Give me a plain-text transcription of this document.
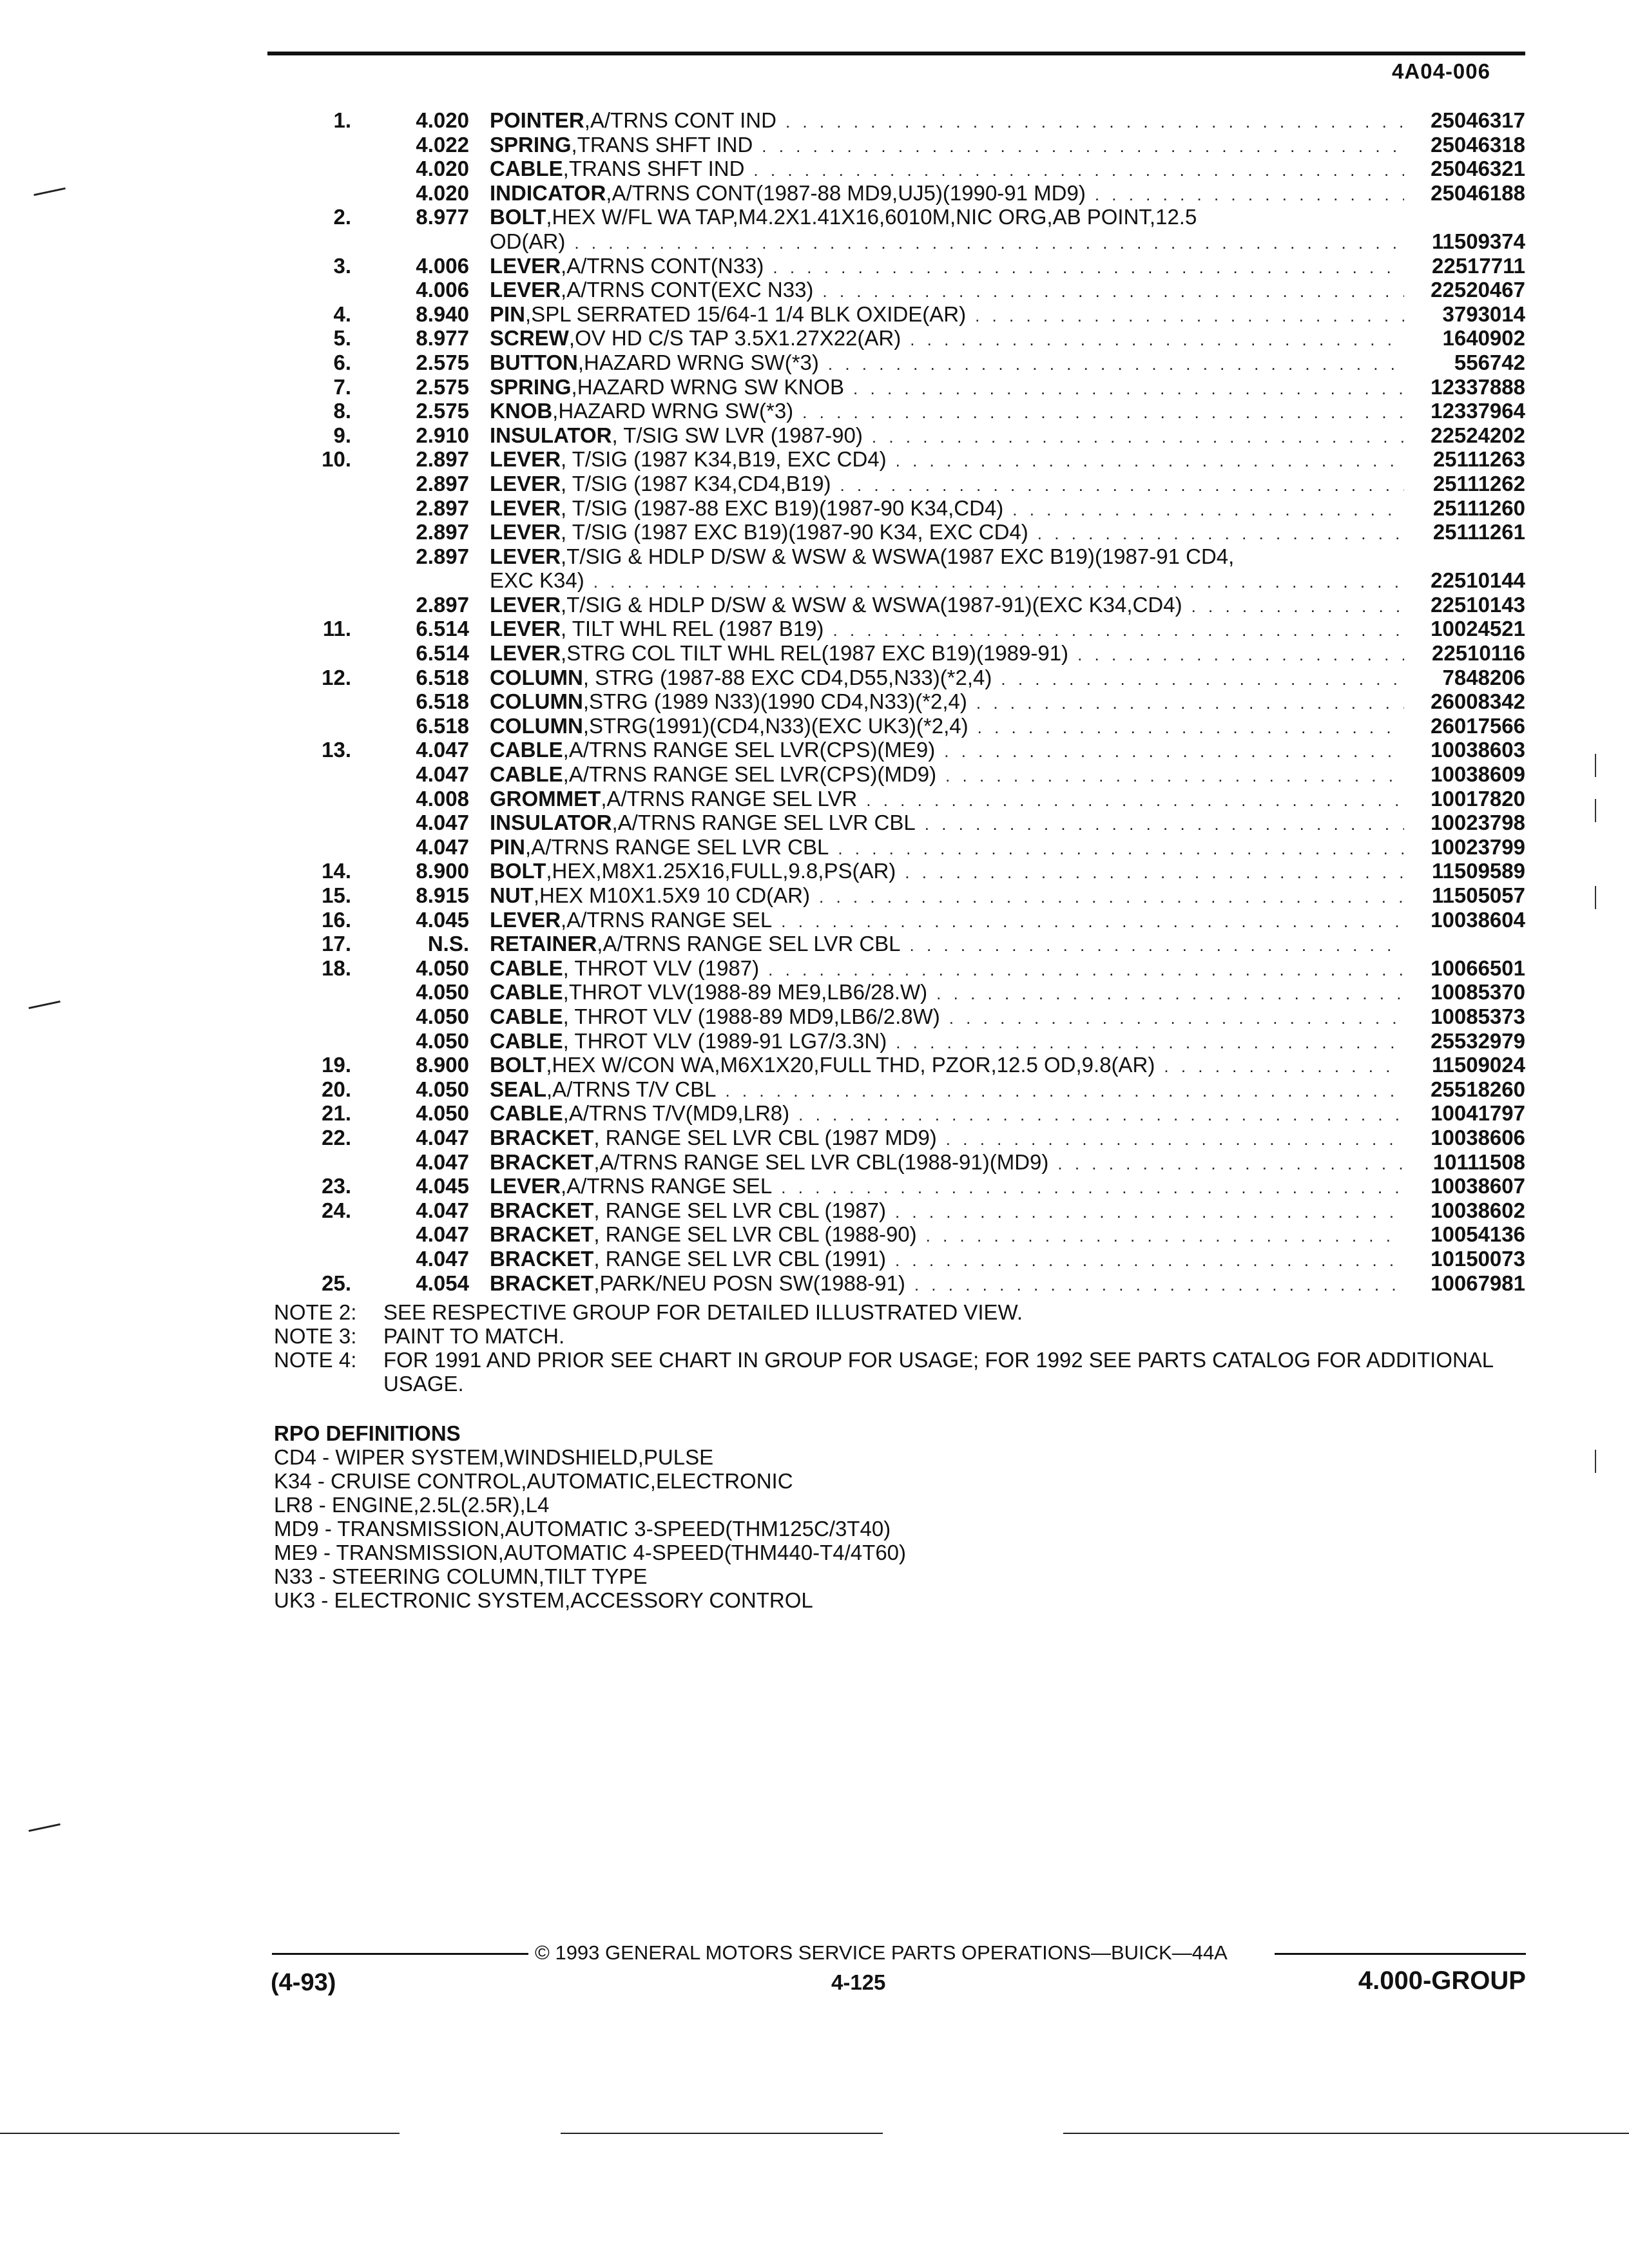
4A04-006
1.	4.020 POINTER ,A/TRNS CONT IND . . .	25046317
4.022 SPRING ,TRANS SHFT IND . . .	25046318
4.020 CABLE ,TRANS SHFT IND . . .	25046321
4.020 INDICATOR ,A/TRNS CONT(1987-88 MD9,UJ5)(1990-91 MD9) . . .	25046188
2.	8.977 BOLT ,HEX W/FL WA TAP,M4.2X1.41X16,6010M,NIC ORG,AB POINT,12.5
OD(AR) . . .	11509374
3.	4.006 LEVER ,A/TRNS CONT(N33) . . .	22517711
4.006 LEVER ,A/TRNS CONT(EXC N33) . . .	22520467
4.	8.940 PIN ,SPL SERRATED 15/64-1 1/4 BLK OXIDE(AR) . . .	3793014
5.	8.977 SCREW ,OV HD C/S TAP 3.5X1.27X22(AR) . . .	1640902
6.	2.575 BUTTON ,HAZARD WRNG SW(*3) . . .	556742
7.	2.575 SPRING ,HAZARD WRNG SW KNOB . . .	12337888
8.	2.575 KNOB ,HAZARD WRNG SW(*3) . . .	12337964
9.	2.910 INSULATOR , T/SIG SW LVR (1987-90) . . .	22524202
10.	2.897 LEVER , T/SIG (1987 K34,B19, EXC CD4) . . .	25111263
2.897 LEVER , T/SIG (1987 K34,CD4,B19) . . .	25111262
2.897 LEVER , T/SIG (1987-88 EXC B19)(1987-90 K34,CD4) . . .	25111260
2.897 LEVER , T/SIG (1987 EXC B19)(1987-90 K34, EXC CD4) . . .	25111261
2.897 LEVER ,T/SIG & HDLP D/SW & WSW & WSWA(1987 EXC B19)(1987-91 CD4,
EXC K34) . . .	22510144
2.897 LEVER ,T/SIG & HDLP D/SW & WSW & WSWA(1987-91)(EXC K34,CD4) . . .	22510143
11.	6.514 LEVER , TILT WHL REL (1987 B19) . . .	10024521
6.514 LEVER ,STRG COL TILT WHL REL(1987 EXC B19)(1989-91) . . .	22510116
12.	6.518 COLUMN , STRG (1987-88 EXC CD4,D55,N33)(*2,4) . . .	7848206
6.518 COLUMN ,STRG (1989 N33)(1990 CD4,N33)(*2,4) . . .	26008342
6.518 COLUMN ,STRG(1991)(CD4,N33)(EXC UK3)(*2,4) . . .	26017566
13.	4.047 CABLE ,A/TRNS RANGE SEL LVR(CPS)(ME9) . . .	10038603
4.047 CABLE ,A/TRNS RANGE SEL LVR(CPS)(MD9) . . .	10038609
4.008 GROMMET ,A/TRNS RANGE SEL LVR . . .	10017820
4.047 INSULATOR ,A/TRNS RANGE SEL LVR CBL . . .	10023798
4.047 PIN ,A/TRNS RANGE SEL LVR CBL . . .	10023799
14.	8.900 BOLT ,HEX,M8X1.25X16,FULL,9.8,PS(AR) . . .	11509589
15.	8.915 NUT ,HEX M10X1.5X9 10 CD(AR) . . .	11505057
16.	4.045 LEVER ,A/TRNS RANGE SEL . . .	10038604
17.	N.S. RETAINER ,A/TRNS RANGE SEL LVR CBL
. . .
18.	4.050 CABLE , THROT VLV (1987) . . .	10066501
4.050 CABLE ,THROT VLV(1988-89 ME9,LB6/28.W) . . .	10085370
4.050 CABLE , THROT VLV (1988-89 MD9,LB6/2.8W) . . .	10085373
4.050 CABLE , THROT VLV (1989-91 LG7/3.3N) . . .	25532979
19.	8.900 BOLT ,HEX W/CON WA,M6X1X20,FULL THD, PZOR,12.5 OD,9.8(AR) . . .	11509024
20.	4.050 SEAL ,A/TRNS T/V CBL . . .	25518260
21.	4.050 CABLE ,A/TRNS T/V(MD9,LR8) . . .	10041797
22.	4.047 BRACKET , RANGE SEL LVR CBL (1987 MD9) . . .	10038606
4.047 BRACKET ,A/TRNS RANGE SEL LVR CBL(1988-91)(MD9) . . .	10111508
23.	4.045 LEVER ,A/TRNS RANGE SEL . . .	10038607
24.	4.047 BRACKET , RANGE SEL LVR CBL (1987) . . .	10038602
4.047 BRACKET , RANGE SEL LVR CBL (1988-90) . . .	10054136
4.047 BRACKET , RANGE SEL LVR CBL (1991) . . .	10150073
25.	4.054 BRACKET ,PARK/NEU POSN SW(1988-91) . . .	10067981
NOTE 2:	SEE RESPECTIVE GROUP FOR DETAILED ILLUSTRATED VIEW.
NOTE 3:	PAINT TO MATCH.
NOTE 4:	FOR 1991 AND PRIOR SEE CHART IN GROUP FOR USAGE; FOR 1992 SEE PARTS CATALOG FOR ADDITIONAL USAGE.
RPO DEFINITIONS
CD4 - WIPER SYSTEM,WINDSHIELD,PULSE
K34 - CRUISE CONTROL,AUTOMATIC,ELECTRONIC
LR8 - ENGINE,2.5L(2.5R),L4
MD9 - TRANSMISSION,AUTOMATIC 3-SPEED(THM125C/3T40)
ME9 - TRANSMISSION,AUTOMATIC 4-SPEED(THM440-T4/4T60)
N33 - STEERING COLUMN,TILT TYPE
UK3 - ELECTRONIC SYSTEM,ACCESSORY CONTROL
© 1993 GENERAL MOTORS SERVICE PARTS OPERATIONS—BUICK—44A
(4-93)	4-125	4.000-GROUP
